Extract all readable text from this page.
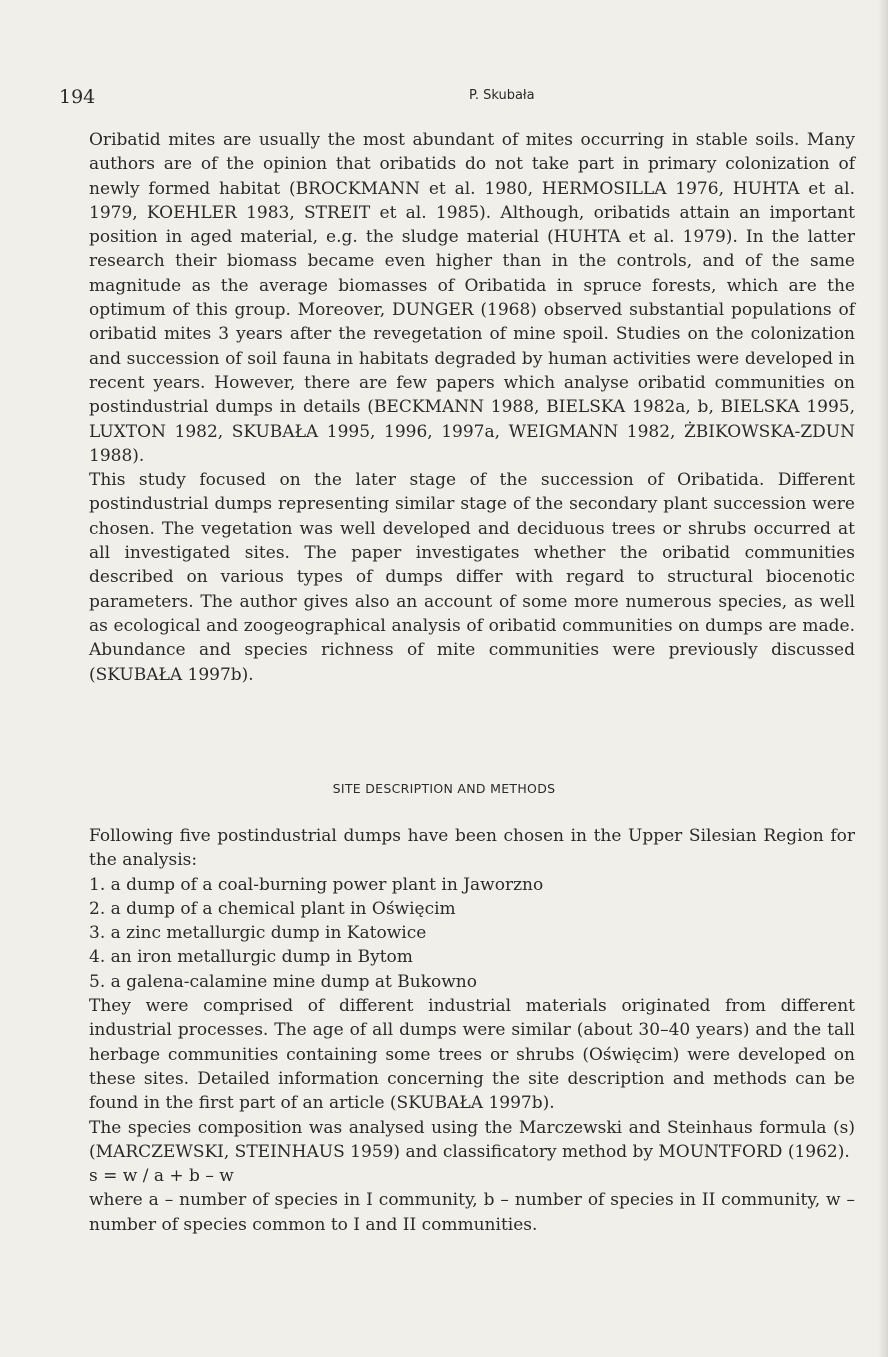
194	P. Skubała

Oribatid mites are usually the most abundant of mites occurring in stable soils. Many authors are of the opinion that oribatids do not take part in primary colonization of newly formed habitat (BROCKMANN et al. 1980, HERMOSILLA 1976, HUHTA et al. 1979, KOEHLER 1983, STREIT et al. 1985). Although, oribatids attain an important position in aged material, e.g. the sludge material (HUHTA et al. 1979). In the latter research their biomass became even higher than in the controls, and of the same magnitude as the average biomasses of Oribatida in spruce forests, which are the optimum of this group. Moreover, DUNGER (1968) observed substantial populations of oribatid mites 3 years after the revegetation of mine spoil. Studies on the colonization and succession of soil fauna in habitats degraded by human activities were developed in recent years. However, there are few papers which analyse oribatid communities on postindustrial dumps in details (BECKMANN 1988, BIELSKA 1982a, b, BIELSKA 1995, LUXTON 1982, SKUBAŁA 1995, 1996, 1997a, WEIGMANN 1982, ŻBIKOWSKA-ZDUN 1988).

This study focused on the later stage of the succession of Oribatida. Different postindustrial dumps representing similar stage of the secondary plant succession were chosen. The vegetation was well developed and deciduous trees or shrubs occurred at all investigated sites. The paper investigates whether the oribatid communities described on various types of dumps differ with regard to structural biocenotic parameters. The author gives also an account of some more numerous species, as well as ecological and zoogeographical analysis of oribatid communities on dumps are made. Abundance and species richness of mite communities were previously discussed (SKUBAŁA 1997b).

SITE DESCRIPTION AND METHODS

Following five postindustrial dumps have been chosen in the Upper Silesian Region for the analysis:

1. a dump of a coal-burning power plant in Jaworzno
2. a dump of a chemical plant in Oświęcim
3. a zinc metallurgic dump in Katowice
4. an iron metallurgic dump in Bytom
5. a galena-calamine mine dump at Bukowno

They were comprised of different industrial materials originated from different industrial processes. The age of all dumps were similar (about 30–40 years) and the tall herbage communities containing some trees or shrubs (Oświęcim) were developed on these sites. Detailed information concerning the site description and methods can be found in the first part of an article (SKUBAŁA 1997b).

The species composition was analysed using the Marczewski and Steinhaus formula (s) (MARCZEWSKI, STEINHAUS 1959) and classificatory method by MOUNTFORD (1962).

s = w / a + b – w

where a – number of species in I community, b – number of species in II community, w – number of species common to I and II communities.
